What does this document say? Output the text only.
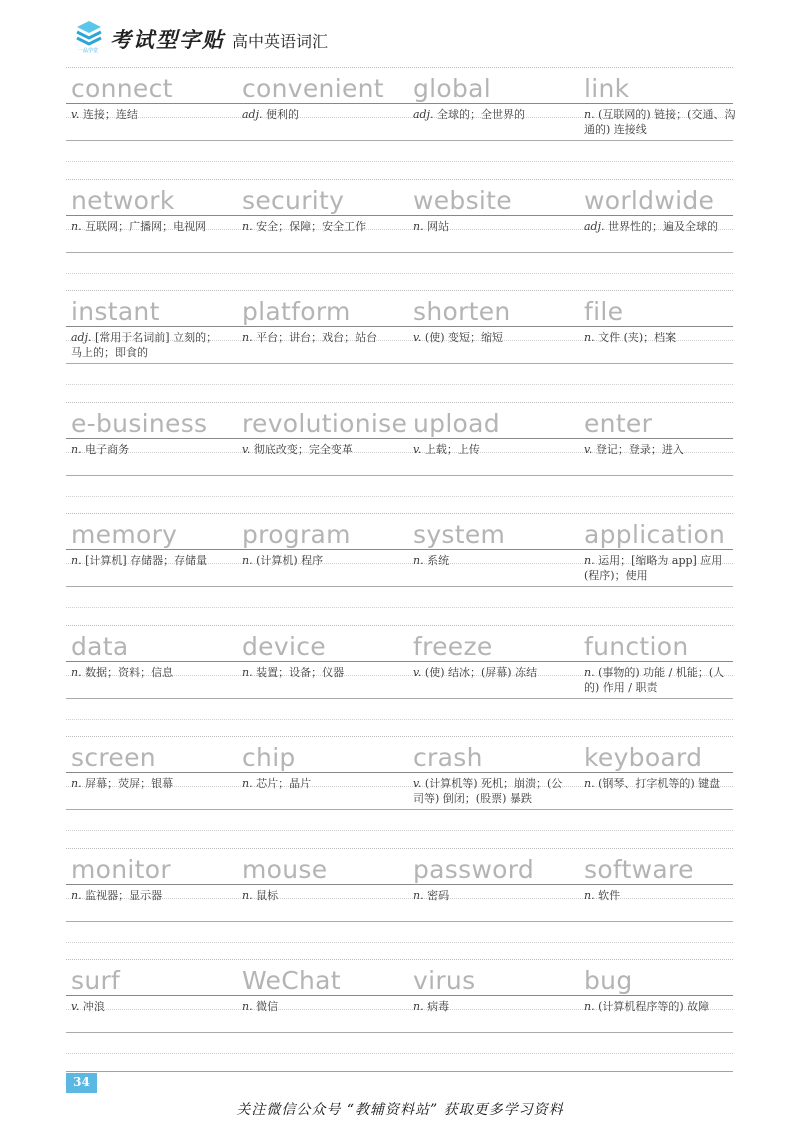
一品学堂 考试型字贴 高中英语词汇
connect
v. 连接；连结
convenient
adj. 便利的
global
adj. 全球的；全世界的
link
n. (互联网的) 链接；(交通、沟通的) 连接线
network
n. 互联网；广播网；电视网
security
n. 安全；保障；安全工作
website
n. 网站
worldwide
adj. 世界性的；遍及全球的
instant
adj. [常用于名词前] 立刻的；马上的；即食的
platform
n. 平台；讲台；戏台；站台
shorten
v. (使) 变短；缩短
file
n. 文件 (夹)；档案
e-business
n. 电子商务
revolutionise
v. 彻底改变；完全变革
upload
v. 上载；上传
enter
v. 登记；登录；进入
memory
n. [计算机] 存储器；存储量
program
n. (计算机) 程序
system
n. 系统
application
n. 运用；[缩略为 app] 应用 (程序)；使用
data
n. 数据；资料；信息
device
n. 装置；设备；仪器
freeze
v. (使) 结冰；(屏幕) 冻结
function
n. (事物的) 功能 / 机能；(人的) 作用 / 职责
screen
n. 屏幕；荧屏；银幕
chip
n. 芯片；晶片
crash
v. (计算机等) 死机；崩溃；(公司等) 倒闭；(股票) 暴跌
keyboard
n. (钢琴、打字机等的) 键盘
monitor
n. 监视器；显示器
mouse
n. 鼠标
password
n. 密码
software
n. 软件
surf
v. 冲浪
WeChat
n. 微信
virus
n. 病毒
bug
n. (计算机程序等的) 故障
34
关注微信公众号 “教辅资料站” 获取更多学习资料
